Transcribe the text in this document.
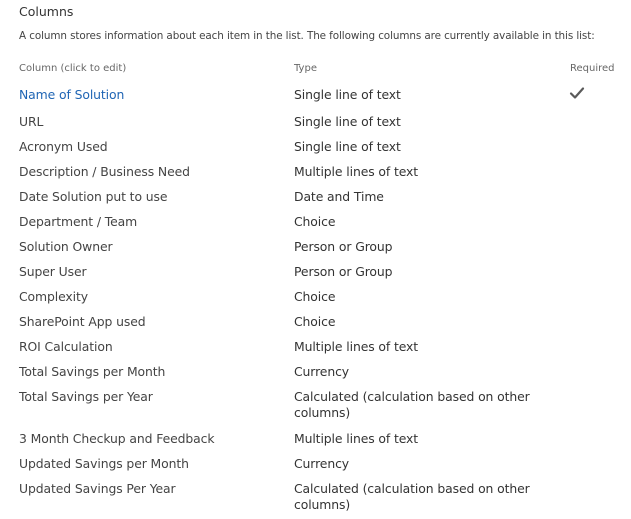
Columns
A column stores information about each item in the list. The following columns are currently available in this list:
Column (click to edit)	Type	Required
Name of Solution	Single line of text
URL	Single line of text
Acronym Used	Single line of text
Description / Business Need	Multiple lines of text
Date Solution put to use	Date and Time
Department / Team	Choice
Solution Owner	Person or Group
Super User	Person or Group
Complexity	Choice
SharePoint App used	Choice
ROI Calculation	Multiple lines of text
Total Savings per Month	Currency
Total Savings per Year	Calculated (calculation based on other columns)
3 Month Checkup and Feedback	Multiple lines of text
Updated Savings per Month	Currency
Updated Savings Per Year	Calculated (calculation based on other columns)
